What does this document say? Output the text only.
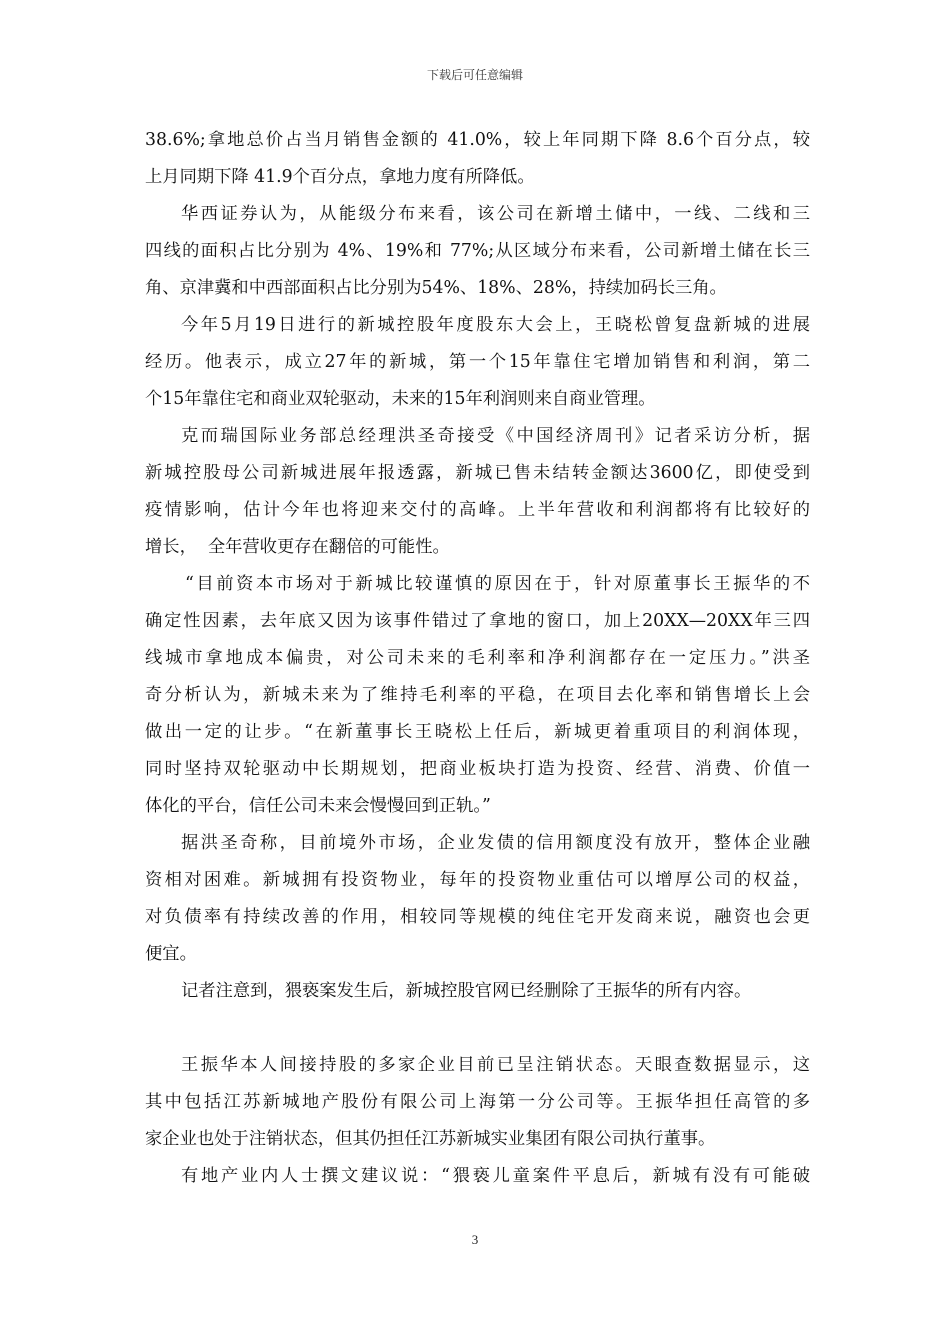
下载后可任意编辑

38.6%;拿地总价占当月销售金额的 41.0%，较上年同期下降 8.6个百分点，较
上月同期下降 41.9个百分点，拿地力度有所降低。

华西证券认为，从能级分布来看，该公司在新增土储中，一线、二线和三
四线的面积占比分别为 4%、19%和 77%;从区域分布来看，公司新增土储在长三
角、京津冀和中西部面积占比分别为54%、18%、28%，持续加码长三角。

今年5月19日进行的新城控股年度股东大会上，王晓松曾复盘新城的进展
经历。他表示，成立27年的新城，第一个15年靠住宅增加销售和利润，第二
个15年靠住宅和商业双轮驱动，未来的15年利润则来自商业管理。

克而瑞国际业务部总经理洪圣奇接受《中国经济周刊》记者采访分析，据
新城控股母公司新城进展年报透露，新城已售未结转金额达3600亿，即使受到
疫情影响，估计今年也将迎来交付的高峰。上半年营收和利润都将有比较好的
增长，  全年营收更存在翻倍的可能性。

“目前资本市场对于新城比较谨慎的原因在于，针对原董事长王振华的不
确定性因素，去年底又因为该事件错过了拿地的窗口，加上20XX—20XX年三四
线城市拿地成本偏贵，对公司未来的毛利率和净利润都存在一定压力。”洪圣
奇分析认为，新城未来为了维持毛利率的平稳，在项目去化率和销售增长上会
做出一定的让步。“在新董事长王晓松上任后，新城更着重项目的利润体现，
同时坚持双轮驱动中长期规划，把商业板块打造为投资、经营、消费、价值一
体化的平台，信任公司未来会慢慢回到正轨。”

据洪圣奇称，目前境外市场，企业发债的信用额度没有放开，整体企业融
资相对困难。新城拥有投资物业，每年的投资物业重估可以增厚公司的权益，
对负债率有持续改善的作用，相较同等规模的纯住宅开发商来说，融资也会更
便宜。

记者注意到，猥亵案发生后，新城控股官网已经删除了王振华的所有内容。

王振华本人间接持股的多家企业目前已呈注销状态。天眼查数据显示，这
其中包括江苏新城地产股份有限公司上海第一分公司等。王振华担任高管的多
家企业也处于注销状态，但其仍担任江苏新城实业集团有限公司执行董事。

有地产业内人士撰文建议说：“猥亵儿童案件平息后，新城有没有可能破

3
